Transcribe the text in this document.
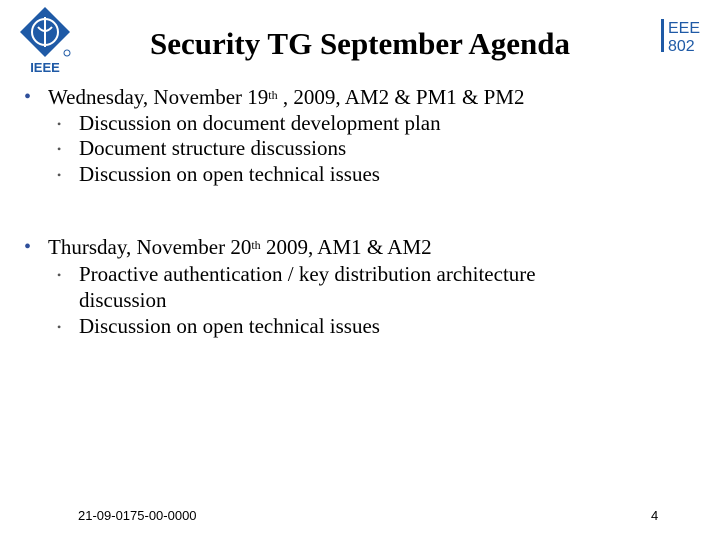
IEEE
EEE
802
Security TG September Agenda
• Wednesday, November 19th , 2009, AM2 & PM1 & PM2
• Discussion on document development plan
• Document structure discussions
• Discussion on open technical issues
• Thursday, November 20th 2009, AM1 & AM2
• Proactive authentication / key distribution architecture
discussion
• Discussion on open technical issues
21-09-0175-00-0000	4
